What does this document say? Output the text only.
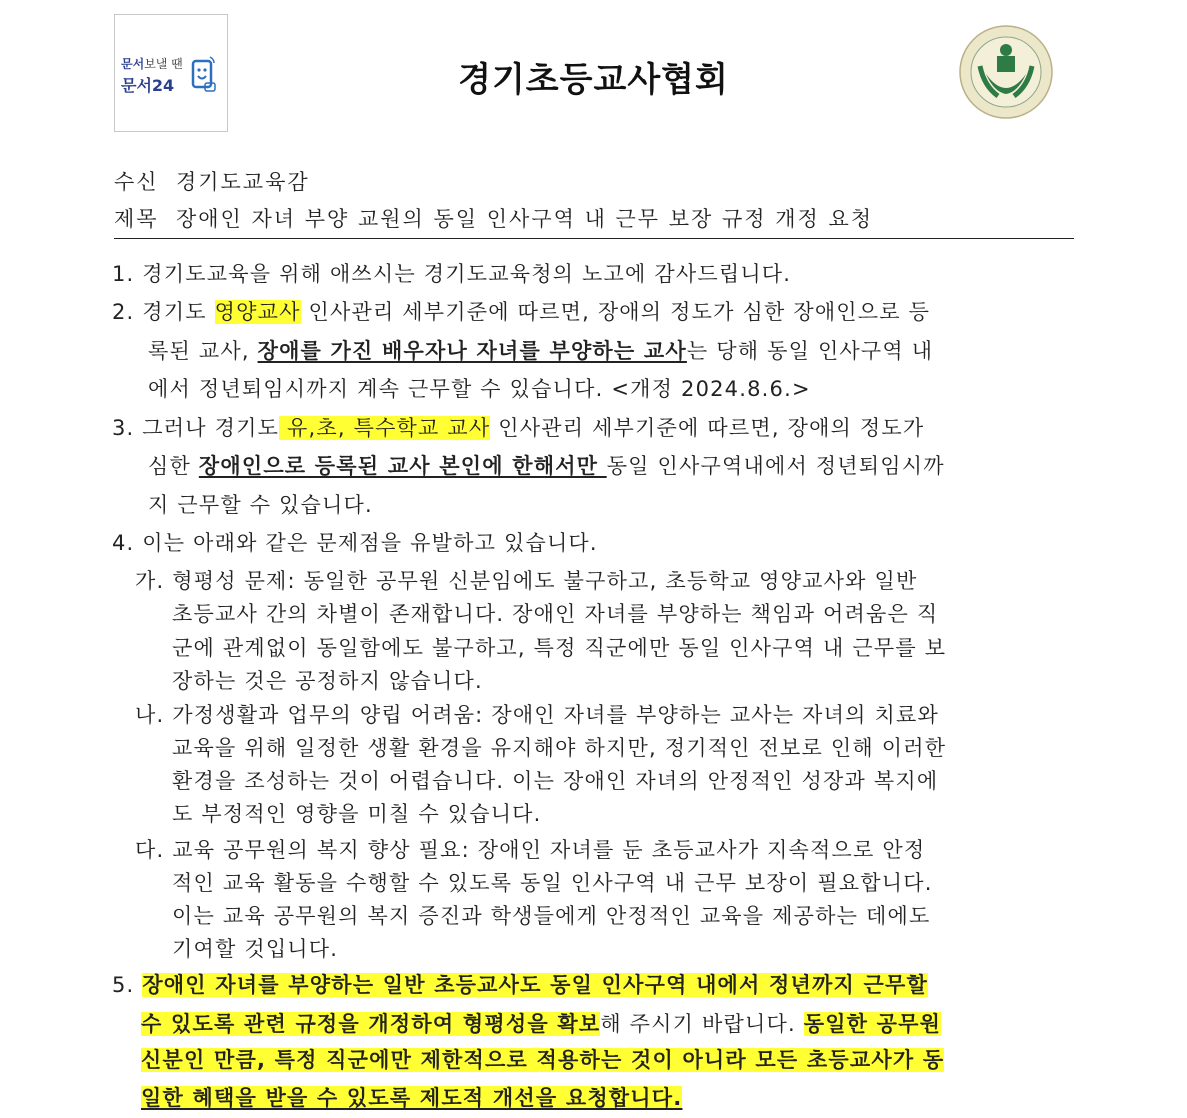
문서보낼 땐
문서24	경기초등교사협회
수신 경기도교육감
제목 장애인 자녀 부양 교원의 동일 인사구역 내 근무 보장 규정 개정 요청
1. 경기도교육을 위해 애쓰시는 경기도교육청의 노고에 감사드립니다.
2. 경기도 영양교사 인사관리 세부기준에 따르면, 장애의 정도가 심한 장애인으로 등
록된 교사, 장애를 가진 배우자나 자녀를 부양하는 교사는 당해 동일 인사구역 내
에서 정년퇴임시까지 계속 근무할 수 있습니다. <개정 2024.8.6.>
3. 그러나 경기도 유,초, 특수학교 교사 인사관리 세부기준에 따르면, 장애의 정도가
심한 장애인으로 등록된 교사 본인에 한해서만 동일 인사구역내에서 정년퇴임시까
지 근무할 수 있습니다.
4. 이는 아래와 같은 문제점을 유발하고 있습니다.
가. 형평성 문제: 동일한 공무원 신분임에도 불구하고, 초등학교 영양교사와 일반
초등교사 간의 차별이 존재합니다. 장애인 자녀를 부양하는 책임과 어려움은 직
군에 관계없이 동일함에도 불구하고, 특정 직군에만 동일 인사구역 내 근무를 보
장하는 것은 공정하지 않습니다.
나. 가정생활과 업무의 양립 어려움: 장애인 자녀를 부양하는 교사는 자녀의 치료와
교육을 위해 일정한 생활 환경을 유지해야 하지만, 정기적인 전보로 인해 이러한
환경을 조성하는 것이 어렵습니다. 이는 장애인 자녀의 안정적인 성장과 복지에
도 부정적인 영향을 미칠 수 있습니다.
다. 교육 공무원의 복지 향상 필요: 장애인 자녀를 둔 초등교사가 지속적으로 안정
적인 교육 활동을 수행할 수 있도록 동일 인사구역 내 근무 보장이 필요합니다.
이는 교육 공무원의 복지 증진과 학생들에게 안정적인 교육을 제공하는 데에도
기여할 것입니다.
5. 장애인 자녀를 부양하는 일반 초등교사도 동일 인사구역 내에서 정년까지 근무할
수 있도록 관련 규정을 개정하여 형평성을 확보해 주시기 바랍니다. 동일한 공무원
신분인 만큼, 특정 직군에만 제한적으로 적용하는 것이 아니라 모든 초등교사가 동
일한 혜택을 받을 수 있도록 제도적 개선을 요청합니다.
